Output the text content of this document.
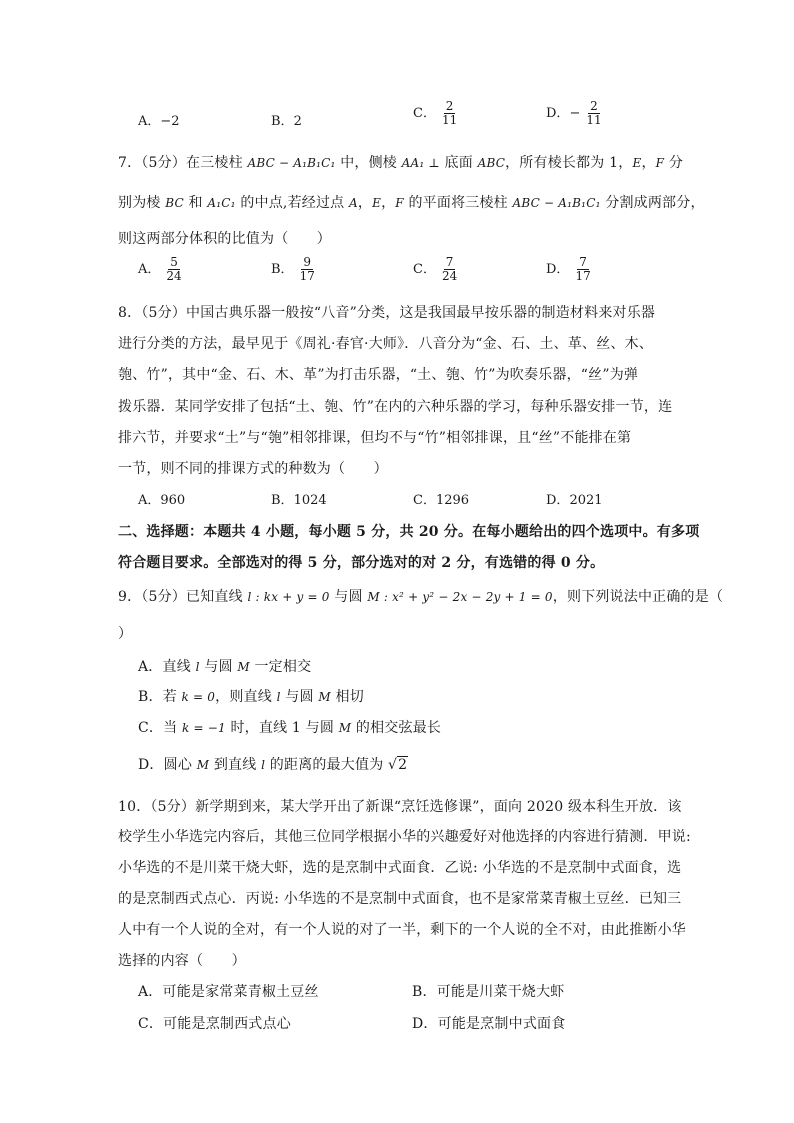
A．−2	B．2
C． $\frac{2}{11}$	D．− $\frac{2}{11}$
7．（5分）在三棱柱 ABC − A₁B₁C₁ 中，侧棱 AA₁ ⊥ 底面 ABC，所有棱长都为 1，E，F 分
别为棱 BC 和 A₁C₁ 的中点,若经过点 A，E，F 的平面将三棱柱 ABC − A₁B₁C₁ 分割成两部分，
则这两部分体积的比值为（　　）
A． $\frac{5}{24}$	B． $\frac{9}{17}$	C． $\frac{7}{24}$	D． $\frac{7}{17}$
8．（5分）中国古典乐器一般按“八音”分类，这是我国最早按乐器的制造材料来对乐器
进行分类的方法，最早见于《周礼·春官·大师》．八音分为“金、石、土、革、丝、木、
匏、竹”，其中“金、石、木、革”为打击乐器，“土、匏、竹”为吹奏乐器，“丝”为弹
拨乐器．某同学安排了包括“土、匏、竹”在内的六种乐器的学习，每种乐器安排一节，连
排六节，并要求“土”与“匏”相邻排课，但均不与“竹”相邻排课，且“丝”不能排在第
一节，则不同的排课方式的种数为（　　）
A．960	B．1024	C．1296	D．2021
二、选择题：本题共 4 小题，每小题 5 分，共 20 分。在每小题给出的四个选项中。有多项
符合题目要求。全部选对的得 5 分，部分选对的对 2 分，有选错的得 0 分。
9．（5分）已知直线 l : kx + y = 0 与圆 M : x² + y² − 2x − 2y + 1 = 0，则下列说法中正确的是（
）
A．直线 l 与圆 M 一定相交
B．若 k = 0，则直线 l 与圆 M 相切
C．当 k = −1 时，直线 1 与圆 M 的相交弦最长
D．圆心 M 到直线 l 的距离的最大值为 √2
10．（5分）新学期到来，某大学开出了新课“烹饪选修课”，面向 2020 级本科生开放．该
校学生小华选完内容后，其他三位同学根据小华的兴趣爱好对他选择的内容进行猜测．甲说:
小华选的不是川菜干烧大虾，选的是烹制中式面食．乙说: 小华选的不是烹制中式面食，选
的是烹制西式点心．丙说: 小华选的不是烹制中式面食，也不是家常菜青椒土豆丝．已知三
人中有一个人说的全对，有一个人说的对了一半，剩下的一个人说的全不对，由此推断小华
选择的内容（　　）
A．可能是家常菜青椒土豆丝	B．可能是川菜干烧大虾
C．可能是烹制西式点心	D．可能是烹制中式面食
